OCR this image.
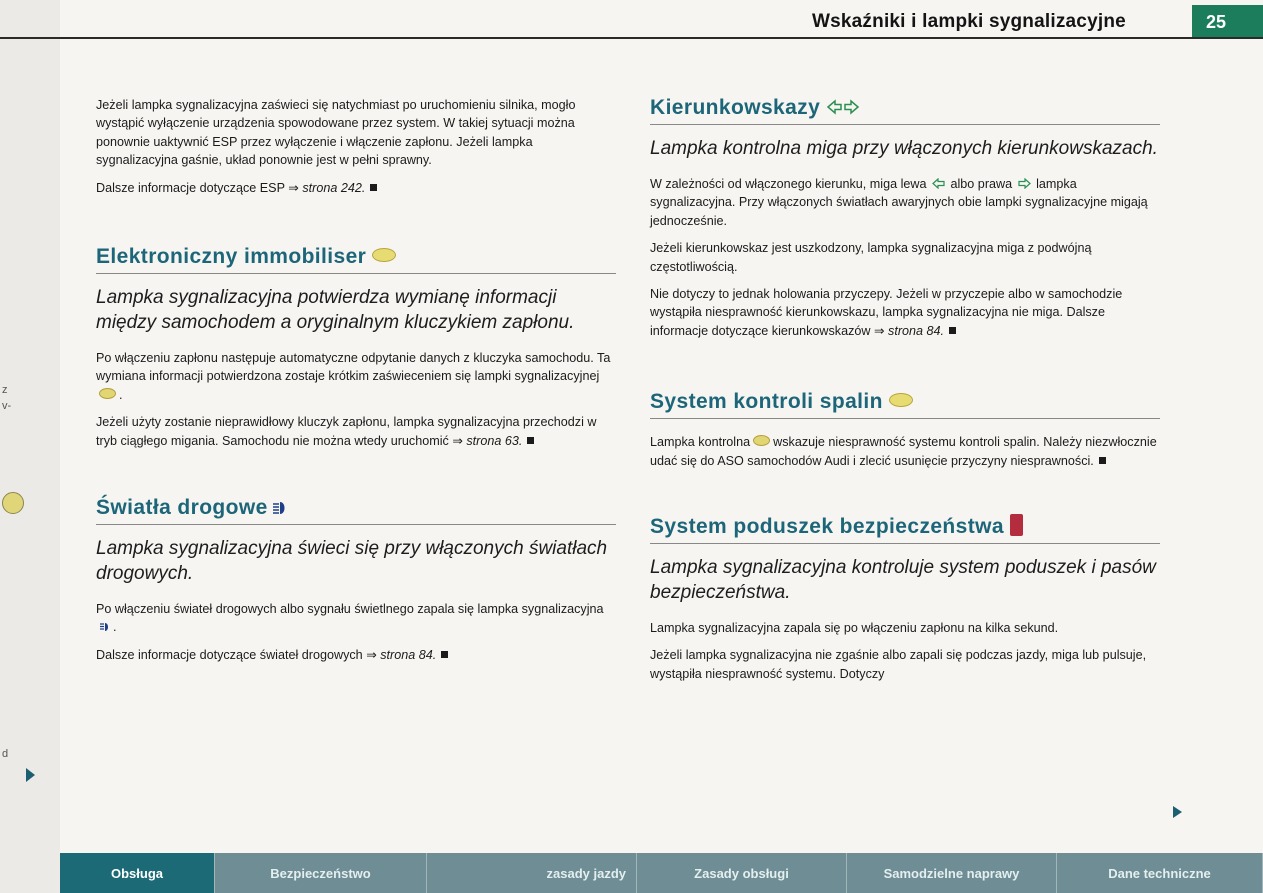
z
v-
d
Wskaźniki i lampki sygnalizacyjne	25

Jeżeli lampka sygnalizacyjna zaświeci się natychmiast po uruchomieniu silnika, mogło wystąpić wyłączenie urządzenia spowodowane przez system. W takiej sytuacji można ponownie uaktywnić ESP przez wyłączenie i włączenie zapłonu. Jeżeli lampka sygnalizacyjna gaśnie, układ ponownie jest w pełni sprawny.

Dalsze informacje dotyczące ESP ⇒ strona 242.

Elektroniczny immobiliser

Lampka sygnalizacyjna potwierdza wymianę informacji między samochodem a oryginalnym kluczykiem zapłonu.

Po włączeniu zapłonu następuje automatyczne odpytanie danych z kluczyka samochodu. Ta wymiana informacji potwierdzona zostaje krótkim zaświeceniem się lampki sygnalizacyjnej.

Jeżeli użyty zostanie nieprawidłowy kluczyk zapłonu, lampka sygnalizacyjna przechodzi w tryb ciągłego migania. Samochodu nie można wtedy uruchomić ⇒ strona 63.

Światła drogowe

Lampka sygnalizacyjna świeci się przy włączonych światłach drogowych.

Po włączeniu świateł drogowych albo sygnału świetlnego zapala się lampka sygnalizacyjna.

Dalsze informacje dotyczące świateł drogowych ⇒ strona 84.

Kierunkowskazy

Lampka kontrolna miga przy włączonych kierunkowskazach.

W zależności od włączonego kierunku, miga lewa albo prawa lampka sygnalizacyjna. Przy włączonych światłach awaryjnych obie lampki sygnalizacyjne migają jednocześnie.

Jeżeli kierunkowskaz jest uszkodzony, lampka sygnalizacyjna miga z podwójną częstotliwością.

Nie dotyczy to jednak holowania przyczepy. Jeżeli w przyczepie albo w samochodzie wystąpiła niesprawność kierunkowskazu, lampka sygnalizacyjna nie miga. Dalsze informacje dotyczące kierunkowskazów ⇒ strona 84.

System kontroli spalin

Lampka kontrolna wskazuje niesprawność systemu kontroli spalin. Należy niezwłocznie udać się do ASO samochodów Audi i zlecić usunięcie przyczyny niesprawności.

System poduszek bezpieczeństwa

Lampka sygnalizacyjna kontroluje system poduszek i pasów bezpieczeństwa.

Lampka sygnalizacyjna zapala się po włączeniu zapłonu na kilka sekund.

Jeżeli lampka sygnalizacyjna nie zgaśnie albo zapali się podczas jazdy, miga lub pulsuje, wystąpiła niesprawność systemu. Dotyczy

Obsługa	Bezpieczeństwo	zasady jazdy	Zasady obsługi	Samodzielne naprawy	Dane techniczne
